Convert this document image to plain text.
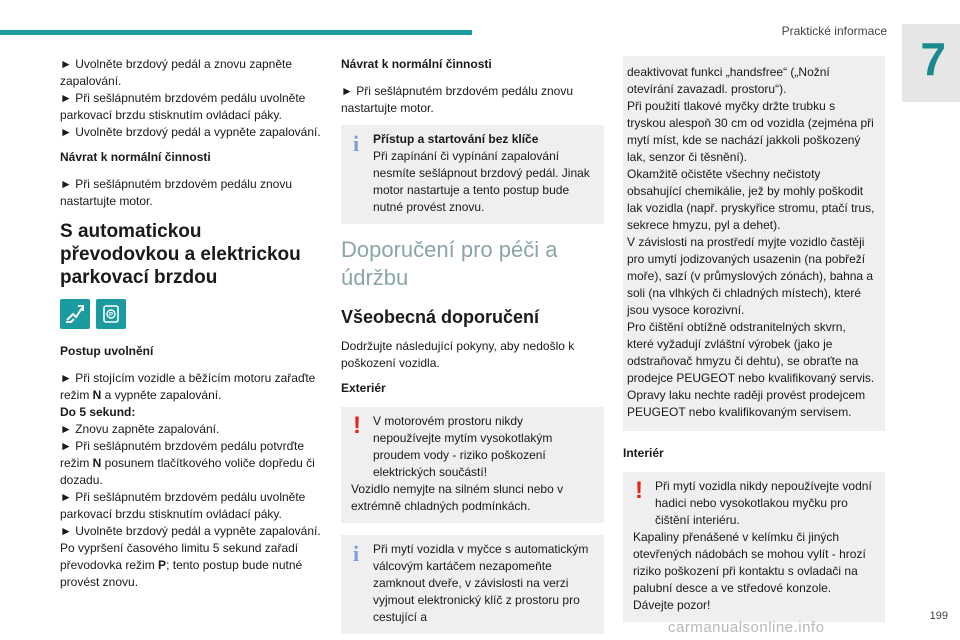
Praktické informace
7

► Uvolněte brzdový pedál a znovu zapněte zapalování.

► Při sešlápnutém brzdovém pedálu uvolněte parkovací brzdu stisknutím ovládací páky.

► Uvolněte brzdový pedál a vypněte zapalování.

Návrat k normální činnosti

► Při sešlápnutém brzdovém pedálu znovu nastartujte motor.

S automatickou převodovkou a elektrickou parkovací brzdou
P

Postup uvolnění

► Při stojícím vozidle a běžícím motoru zařaďte režim N a vypněte zapalování.

Do 5 sekund:

► Znovu zapněte zapalování.

► Při sešlápnutém brzdovém pedálu potvrďte režim N posunem tlačítkového voliče dopředu či dozadu.

► Při sešlápnutém brzdovém pedálu uvolněte parkovací brzdu stisknutím ovládací páky.

► Uvolněte brzdový pedál a vypněte zapalování.

Po vypršení časového limitu 5 sekund zařadí převodovka režim P; tento postup bude nutné provést znovu.

Návrat k normální činnosti

► Při sešlápnutém brzdovém pedálu znovu nastartujte motor.

i	Přístup a startování bez klíče

Při zapínání či vypínání zapalování nesmíte sešlápnout brzdový pedál. Jinak motor nastartuje a tento postup bude nutné provést znovu.

Doporučení pro péči a údržbu
Všeobecná doporučení

Dodržujte následující pokyny, aby nedošlo k poškození vozidla.

Exteriér

!	V motorovém prostoru nikdy nepoužívejte mytím vysokotlakým proudem vody - riziko poškození elektrických součástí!

Vozidlo nemyjte na silném slunci nebo v extrémně chladných podmínkách.

i	Při mytí vozidla v myčce s automatickým válcovým kartáčem nezapomeňte zamknout dveře, v závislosti na verzi vyjmout elektronický klíč z prostoru pro cestující a

deaktivovat funkci „handsfree“ („Nožní otevírání zavazadl. prostoru“).

Při použití tlakové myčky držte trubku s tryskou alespoň 30 cm od vozidla (zejména při mytí míst, kde se nachází jakkoli poškozený lak, senzor či těsnění).

Okamžitě očistěte všechny nečistoty obsahující chemikálie, jež by mohly poškodit lak vozidla (např. pryskyřice stromu, ptačí trus, sekrece hmyzu, pyl a dehet).

V závislosti na prostředí myjte vozidlo častěji pro umytí jodizovaných usazenin (na pobřeží moře), sazí (v průmyslových zónách), bahna a soli (na vlhkých či chladných místech), které jsou vysoce korozivní.

Pro čištění obtížně odstranitelných skvrn, které vyžadují zvláštní výrobek (jako je odstraňovač hmyzu či dehtu), se obraťte na prodejce PEUGEOT nebo kvalifikovaný servis.

Opravy laku nechte raději provést prodejcem PEUGEOT nebo kvalifikovaným servisem.

Interiér

!	Při mytí vozidla nikdy nepoužívejte vodní hadici nebo vysokotlakou myčku pro čištění interiéru.

Kapaliny přenášené v kelímku či jiných otevřených nádobách se mohou vylít - hrozí riziko poškození při kontaktu s ovladači na palubní desce a ve středové konzole. Dávejte pozor!

199
carmanualsonline.info
